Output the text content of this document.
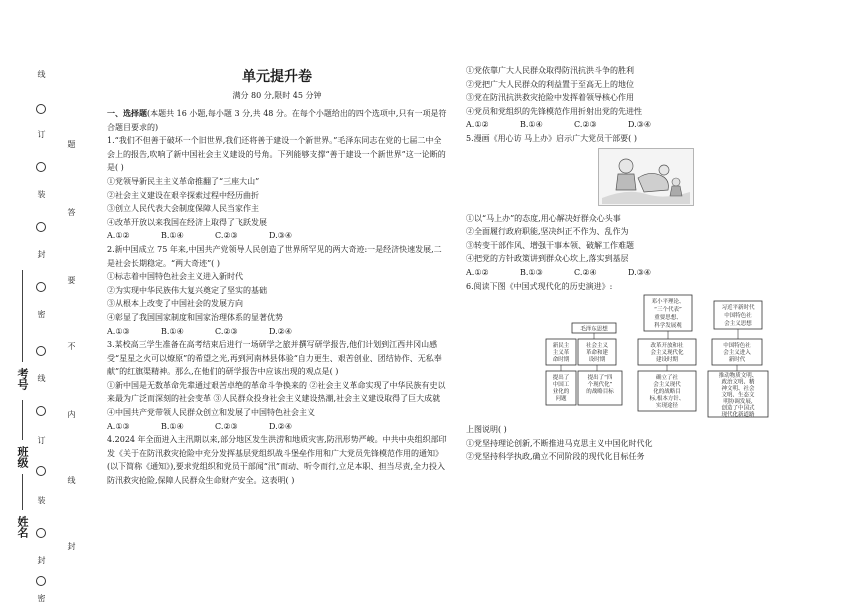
线
订
装
封
密
线
订
装
封
密
题
答
要
不
内
线
封
考号
班级
姓名
单元提升卷
满分 80 分,限时 45 分钟

一、选择题(本题共 16 小题,每小题 3 分,共 48 分。在每个小题给出的四个选项中,只有一项是符合题目要求的)

1.“我们不但善于破坏一个旧世界,我们还将善于建设一个新世界。”毛泽东同志在党的七届二中全会上的报告,吹响了新中国社会主义建设的号角。下列能够支撑“善于建设一个新世界”这一论断的是( )

①党领导新民主主义革命推翻了“三座大山”

②社会主义建设在艰辛探索过程中经历曲折

③创立人民代表大会制度保障人民当家作主

④改革开放以来我国在经济上取得了飞跃发展

A.①②	B.①④	C.②③	D.③④

2.新中国成立 75 年来,中国共产党领导人民创造了世界所罕见的两大奇迹:一是经济快速发展,二是社会长期稳定。“两大奇迹”( )

①标志着中国特色社会主义进入新时代

②为实现中华民族伟大复兴奠定了坚实的基础

③从根本上改变了中国社会的发展方向

④彰显了我国国家制度和国家治理体系的显著优势

A.①③	B.①④	C.②③	D.②④

3.某校高三学生准备在高考结束后进行一场研学之旅并撰写研学报告,他们计划到江西井冈山感受“星星之火可以燎原”的希望之光,再到河南林县体验“自力更生、艰苦创业、团结协作、无私奉献”的红旗渠精神。那么,在他们的研学报告中应该出现的观点是( )

①新中国是无数革命先辈通过艰苦卓绝的革命斗争换来的 ②社会主义革命实现了中华民族有史以来最为广泛而深刻的社会变革 ③人民群众投身社会主义建设热潮,社会主义建设取得了巨大成就 ④中国共产党带领人民群众创立和发展了中国特色社会主义

A.①③	B.①④	C.②③	D.②④

4.2024 年全面进入主汛期以来,部分地区发生洪涝和地质灾害,防汛形势严峻。中共中央组织部印发《关于在防汛救灾抢险中充分发挥基层党组织战斗堡垒作用和广大党员先锋模范作用的通知》(以下简称《通知》),要求党组织和党员干部闻“汛”而动、听令而行,立足本职、担当尽责,全力投入防汛救灾抢险,保障人民群众生命财产安全。这表明( )

①党依靠广大人民群众取得防汛抗洪斗争的胜利

②党把广大人民群众的利益置于至高无上的地位

③党在防汛抗洪救灾抢险中发挥着领导核心作用

④党员和党组织的先锋模范作用折射出党的先进性

A.①②	B.①④	C.②③	D.③④

5.漫画《用心访 马上办》启示广大党员干部要( )

①以“马上办”的态度,用心解决好群众心头事

②全面履行政府职能,坚决纠正不作为、乱作为

③转变干部作风、增强干事本领、破解工作难题

④把党的方针政策讲到群众心坎上,落实到基层

A.①②	B.①③	C.②④	D.③④

6.阅读下图《中国式现代化的历史演进》:

毛泽东思想
邓小平理论、
“三个代表”
重要思想、
科学发展观
习近平新时代
中国特色社
会主义思想
新民主
主义革
命时期
社会主义
革命和建
设时期
改革开放和社
会主义现代化
建设时期
中国特色社
会主义进入
新时代
提出了
中国工
业化的
问题
提出了“四
个现代化”
的战略目标
确立了社
会主义现代
化的战略目
标,根本方针、
实现途径
推动物质文明、
政治文明、精
神文明、社会
文明、生态文
明协调发展,
创造了中国式
现代化新道路

上图说明( )

①党坚持理论创新,不断推进马克思主义中国化时代化

②党坚持科学执政,确立不同阶段的现代化目标任务
